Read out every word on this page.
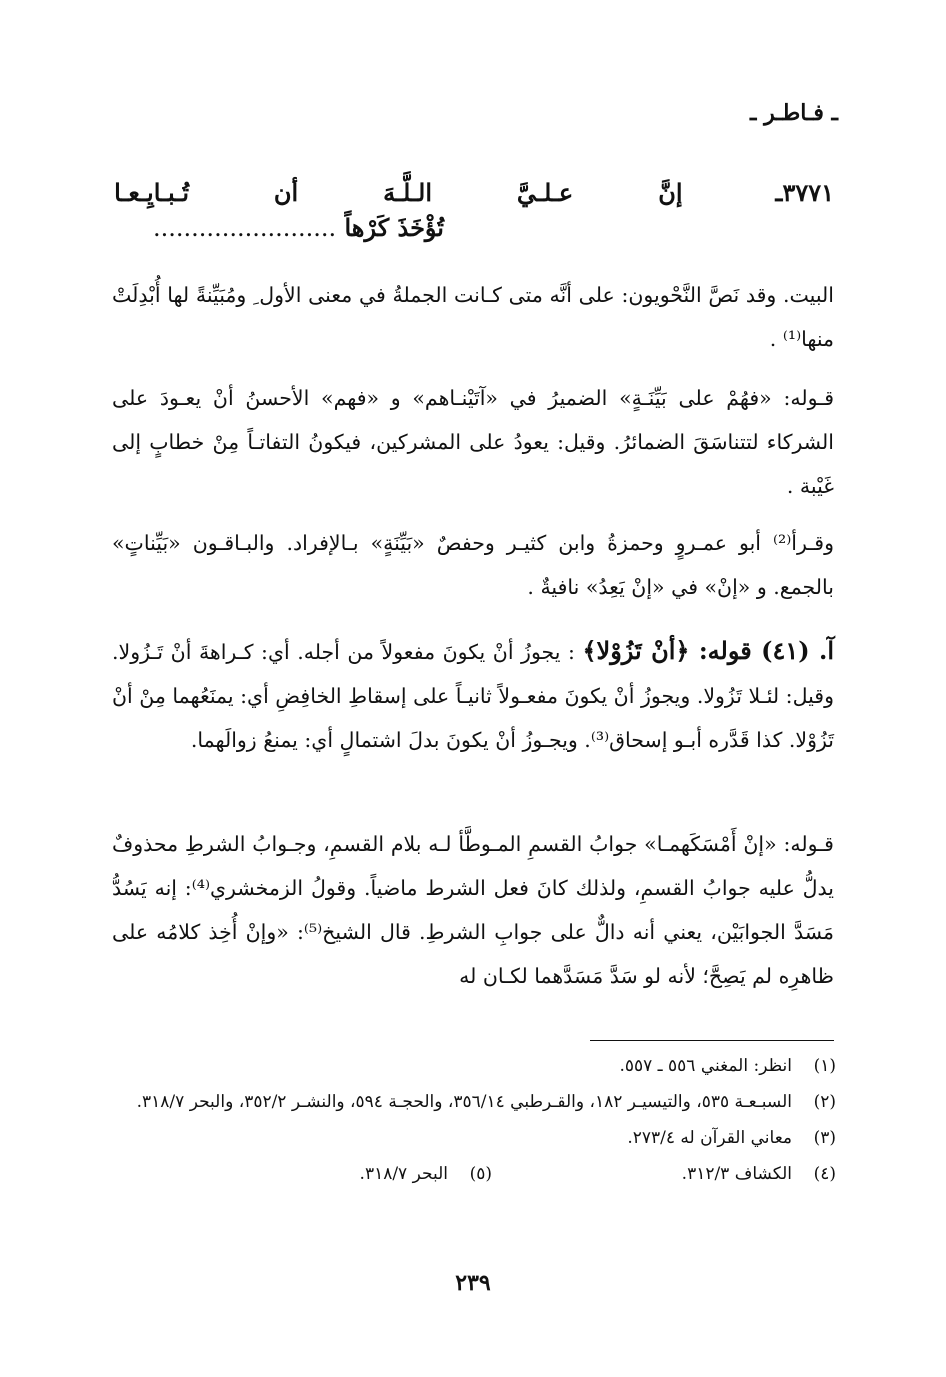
ـ فـاطـر ـ
٣٧٧١ـ
إنَّ
عـلـيَّ
الـلَّـهَ
أن
تُـبـايِـعـا
تُؤْخَذَ كَرْهاً ........................
البيت. وقد نَصَّ النَّحْويون: على أنَّه متى كـانت الجملةُ في معنى الأول ِ ومُبَيِّنةً لها أُبْدِلَتْ منها⁽¹⁾ .
قـوله: «فهُمْ على بَيِّنَـةٍ» الضميرُ في «آتَيْنـاهم» و «فهم» الأحسنُ أنْ يعـودَ على الشركاء لتتناسَقَ الضمائرُ. وقيل: يعودُ على المشركين، فيكونُ التفاتـاً مِنْ خطابٍ إلى غَيْبة .
وقـرأ⁽²⁾ أبو عمـروٍ وحمزةُ وابن كثيـر وحفصٌ «بَيِّنَةٍ» بـالإفراد. والبـاقـون «بَيِّناتٍ» بالجمع. و «إنْ» في «إنْ يَعِدُ» نافيةٌ .
آ. (٤١) قوله: ﴿أنْ تَزُوْلا﴾ : يجوزُ أنْ يكونَ مفعولاً من أجله. أي: كـراهةَ أنْ تَـزُولا. وقيل: لئـلا تَزُولا. ويجوزُ أنْ يكونَ مفعـولاً ثانيـاً على إسقاطِ الخافِضِ أي: يمنَعُهما مِنْ أنْ تَزُوْلا. كذا قَدَّره أبـو إسحاق⁽³⁾. ويجـوزُ أنْ يكونَ بدلَ اشتمالٍ أي: يمنعُ زوالَهما.
قـوله: «إنْ أَمْسَكَهمـا» جوابُ القسمِ المـوطَّأ لـه بلام القسمِ، وجـوابُ الشرطِ محذوفٌ يدلُّ عليه جوابُ القسمِ، ولذلك كانَ فعل الشرط ماضياً. وقولُ الزمخشري⁽⁴⁾: إنه يَسُدُّ مَسَدَّ الجوابَيْن، يعني أنه دالٌّ على جوابِ الشرطِ. قال الشيخ⁽⁵⁾: «وإنْ أُخِذ كلامُه على ظاهرِه لم يَصِحَّ؛ لأنه لو سَدَّ مَسَدَّهما لكـان له
(١)
انظر: المغني ٥٥٦ ـ ٥٥٧.
(٢)
السبـعـة ٥٣٥، والتيسيـر ١٨٢، والقـرطبي ٣٥٦/١٤، والحجـة ٥٩٤، والنشـر ٣٥٢/٢، والبحر ٣١٨/٧.
(٣)
معاني القرآن له ٢٧٣/٤.
(٤)
الكشاف ٣١٢/٣.
(٥)
البحر ٣١٨/٧.
٢٣٩
